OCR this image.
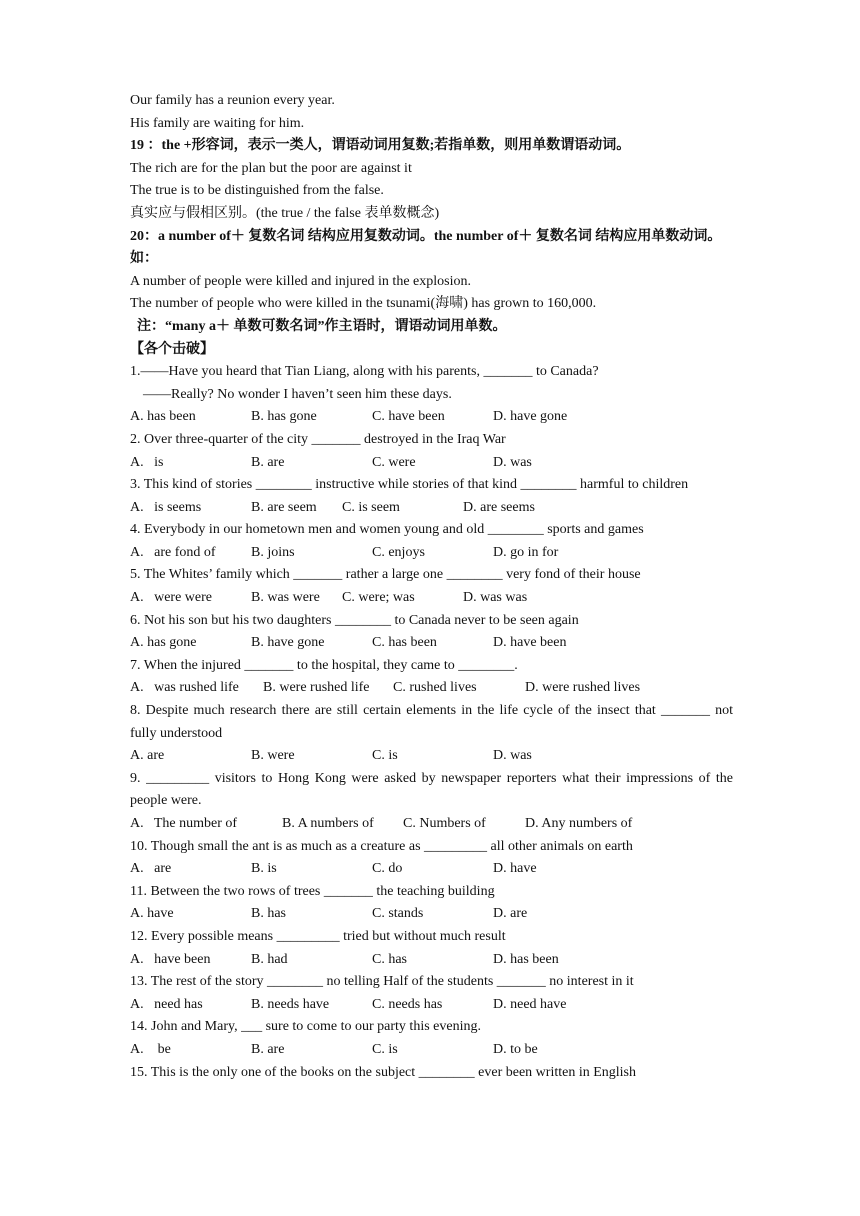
Our family has a reunion every year.
His family are waiting for him.
19 ：the +形容词，表示一类人，谓语动词用复数;若指单数，则用单数谓语动词。
The rich are for the plan but the poor are against it
The true is to be distinguished from the false.
真实应与假相区别。(the true / the false 表单数概念)
20：a number of＋ 复数名词 结构应用复数动词。the number of＋ 复数名词 结构应用单数动词。如：
A number of people were killed and injured in the explosion.
The number of people who were killed in the tsunami(海啸) has grown to 160,000.
注：“many a＋ 单数可数名词”作主语时，谓语动词用单数。
【各个击破】
1.——Have you heard that Tian Liang, along with his parents, _______ to Canada?
——Really? No wonder I haven’t seen him these days.
A. has been	B. has gone	C. have been	D. have gone
2. Over three-quarter of the city _______ destroyed in the Iraq War
A.   is	B. are	C. were	D. was
3. This kind of stories ________ instructive while stories of that kind ________ harmful to children
A.   is seems	B. are seem	C. is seem	D. are seems
4. Everybody in our hometown men and women young and old ________ sports and games
A.   are fond of	B. joins	C. enjoys	D. go in for
5. The Whites’ family which _______ rather a large one ________ very fond of their house
A.   were were	B. was were	C. were; was	D. was was
6. Not his son but his two daughters ________ to Canada never to be seen again
A. has gone	B. have gone	C. has been	D. have been
7. When the injured _______ to the hospital, they came to ________.
A.   was rushed life	B. were rushed life	C. rushed lives	D. were rushed lives
8. Despite much research there are still certain elements in the life cycle of the insect that _______ not fully understood
A. are	B. were	C. is	D. was
9. _________ visitors to Hong Kong were asked by newspaper reporters what their impressions of the people were.
A.   The number of	B. A numbers of	C. Numbers of	D. Any numbers of
10. Though small the ant is as much as a creature as _________ all other animals on earth
A.   are	B. is	C. do	D. have
11. Between the two rows of trees _______ the teaching building
A. have	B. has	C. stands	D. are
12. Every possible means _________ tried but without much result
A.   have been	B. had	C. has	D. has been
13. The rest of the story ________ no telling Half of the students _______ no interest in it
A.   need has	B. needs have	C. needs has	D. need have
14. John and Mary, ___ sure to come to our party this evening.
A.    be	B. are	C. is	D. to be
15. This is the only one of the books on the subject ________ ever been written in English
